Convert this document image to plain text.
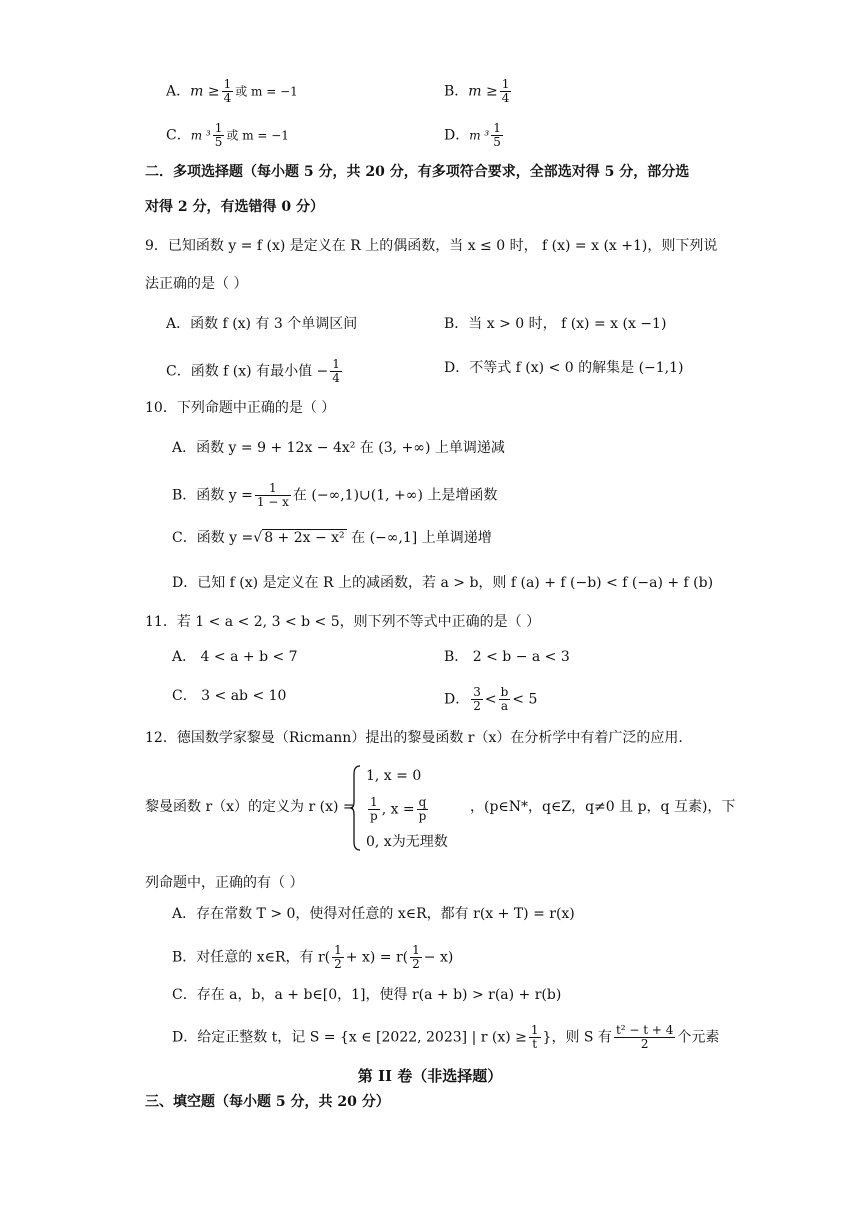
A．$m \ge \frac{1}{4}$ 或 m = −1	B．$m \ge \frac{1}{4}$
C．m $^3 \frac{1}{5}$ 或 m = −1	D．m $^3 \frac{1}{5}$
二．多项选择题（每小题 5 分，共 20 分，有多项符合要求，全部选对得 5 分，部分选
对得 2 分，有选错得 0 分）
9．已知函数 y = f (x) 是定义在 R 上的偶函数，当 x ≤ 0 时， f (x) = x (x +1)，则下列说
法正确的是（ ）
A．函数 f (x) 有 3 个单调区间	B．当 x > 0 时， f (x) = x (x −1)
C．函数 f (x) 有最小值 − $\frac{1}{4}$	D．不等式 f (x) < 0 的解集是 (−1,1)
10．下列命题中正确的是（ ）
A．函数 y = 9 + 12x − 4x² 在 (3, +∞) 上单调递减
B．函数 $y = \frac{1}{1 - x}$ 在 (−∞,1)∪(1, +∞) 上是增函数
C．函数 y =√ 8 + 2x − x² 在 (−∞,1] 上单调递增
D．已知 f (x) 是定义在 R 上的减函数，若 a > b，则 f (a) + f (−b) < f (−a) + f (b)
11．若 1 < a < 2, 3 < b < 5，则下列不等式中正确的是（ ）
A． 4 < a + b < 7	B． 2 < b − a < 3
C． 3 < ab < 10	D． $\frac{3}{2} < \frac{b}{a} < 5$
12．德国数学家黎曼（Ricmann）提出的黎曼函数 r（x）在分析学中有着广泛的应用.
黎曼函数 r（x）的定义为 r (x) =
1, x = 0
$\frac{1}{p}$ , $x = \frac{q}{p}$
0, x为无理数
，(p∈N*，q∈Z，q≠0 且 p，q 互素)，下
列命题中，正确的有（ ）
A．存在常数 T > 0，使得对任意的 x∈R，都有 r(x + T) = r(x)
B．对任意的 x∈R，有 $r( \frac{1}{2} + x) = r( \frac{1}{2} - x)$
C．存在 a，b，a + b∈[0，1]，使得 r(a + b) > r(a) + r(b)
D．给定正整数 t，记 S = {x ∈ [2022, 2023] | r $(x) \ge \frac{1}{t}$ }，则 S 有 $\frac{\text{t² − t + 4}}{2}$ 个元素
第 II 卷（非选择题）
三、填空题（每小题 5 分，共 20 分）
